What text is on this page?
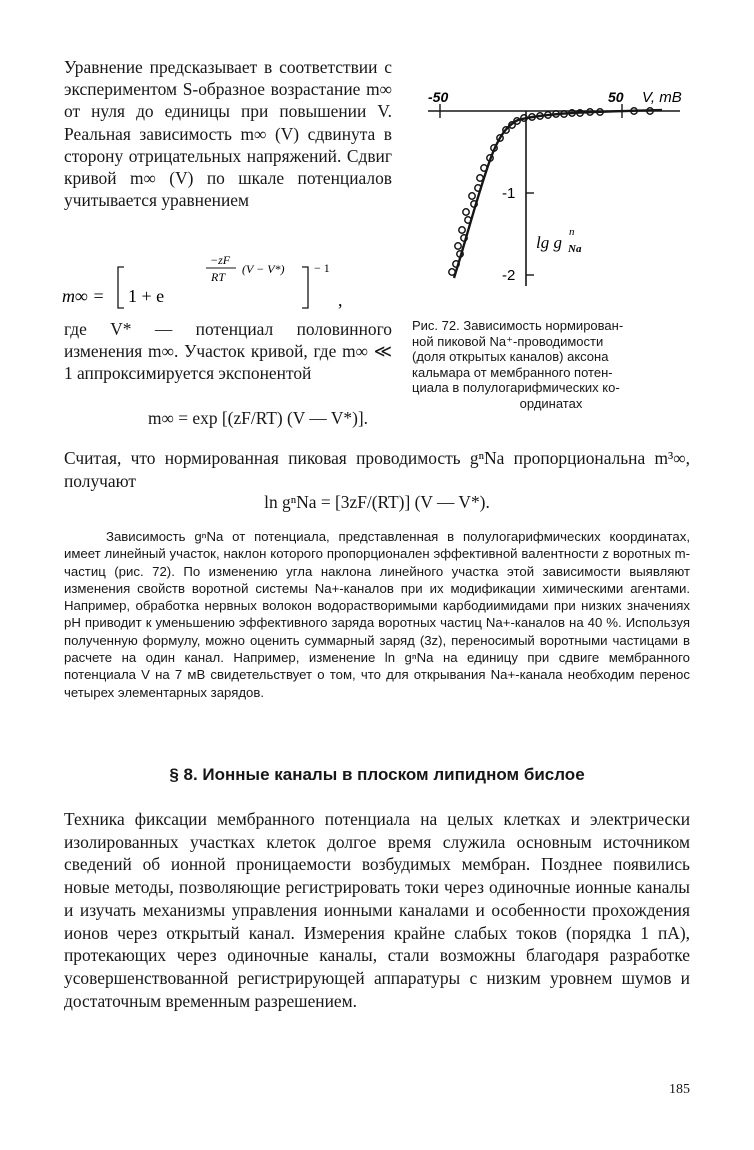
Уравнение предсказывает в соответствии с экспериментом S-образное возрастание m∞ от нуля до единицы при повышении V. Реальная зависимость m∞ (V) сдвинута в сторону отрицательных напряжений. Сдвиг кривой m∞ (V) по шкале потенциалов учитывается уравнением

m∞ = 1 + e
−zF
RT
(V − V*) − 1
,

где V* — потенциал половинного изменения m∞. Участок кривой, где m∞ ≪ 1 аппроксимируется экспонентой

m∞ = exp [(zF/RT) (V — V*)].

-50	50 V, mB
-1
-2
lg g
n
Na
Рис. 72. Зависимость нормирован-
ной пиковой Na⁺-проводимости
(доля открытых каналов) аксона
кальмара от мембранного потен-
циала в полулогарифмических ко-
ординатах

Считая, что нормированная пиковая проводимость gⁿNa пропорциональна m³∞, получают

ln gⁿNa = [3zF/(RT)] (V — V*).

Зависимость gⁿNa от потенциала, представленная в полулогарифмических координатах, имеет линейный участок, наклон которого пропорционален эффективной валентности z воротных m-частиц (рис. 72). По изменению угла наклона линейного участка этой зависимости выявляют изменения свойств воротной системы Na+-каналов при их модификации химическими агентами. Например, обработка нервных волокон водорастворимыми карбодиимидами при низких значениях pH приводит к уменьшению эффективного заряда воротных частиц Na+-каналов на 40 %. Используя полученную формулу, можно оценить суммарный заряд (3z), переносимый воротными частицами в расчете на один канал. Например, изменение ln gⁿNa на единицу при сдвиге мембранного потенциала V на 7 мВ свидетельствует о том, что для открывания Na+-канала необходим перенос четырех элементарных зарядов.

§ 8. Ионные каналы в плоском липидном бислое

Техника фиксации мембранного потенциала на целых клетках и электрически изолированных участках клеток долгое время служила основным источником сведений об ионной проницаемости возбудимых мембран. Позднее появились новые методы, позволяющие регистрировать токи через одиночные ионные каналы и изучать механизмы управления ионными каналами и особенности прохождения ионов через открытый канал. Измерения крайне слабых токов (порядка 1 пА), протекающих через одиночные каналы, стали возможны благодаря разработке усовершенствованной регистрирующей аппаратуры с низким уровнем шумов и достаточным временным разрешением.

185
